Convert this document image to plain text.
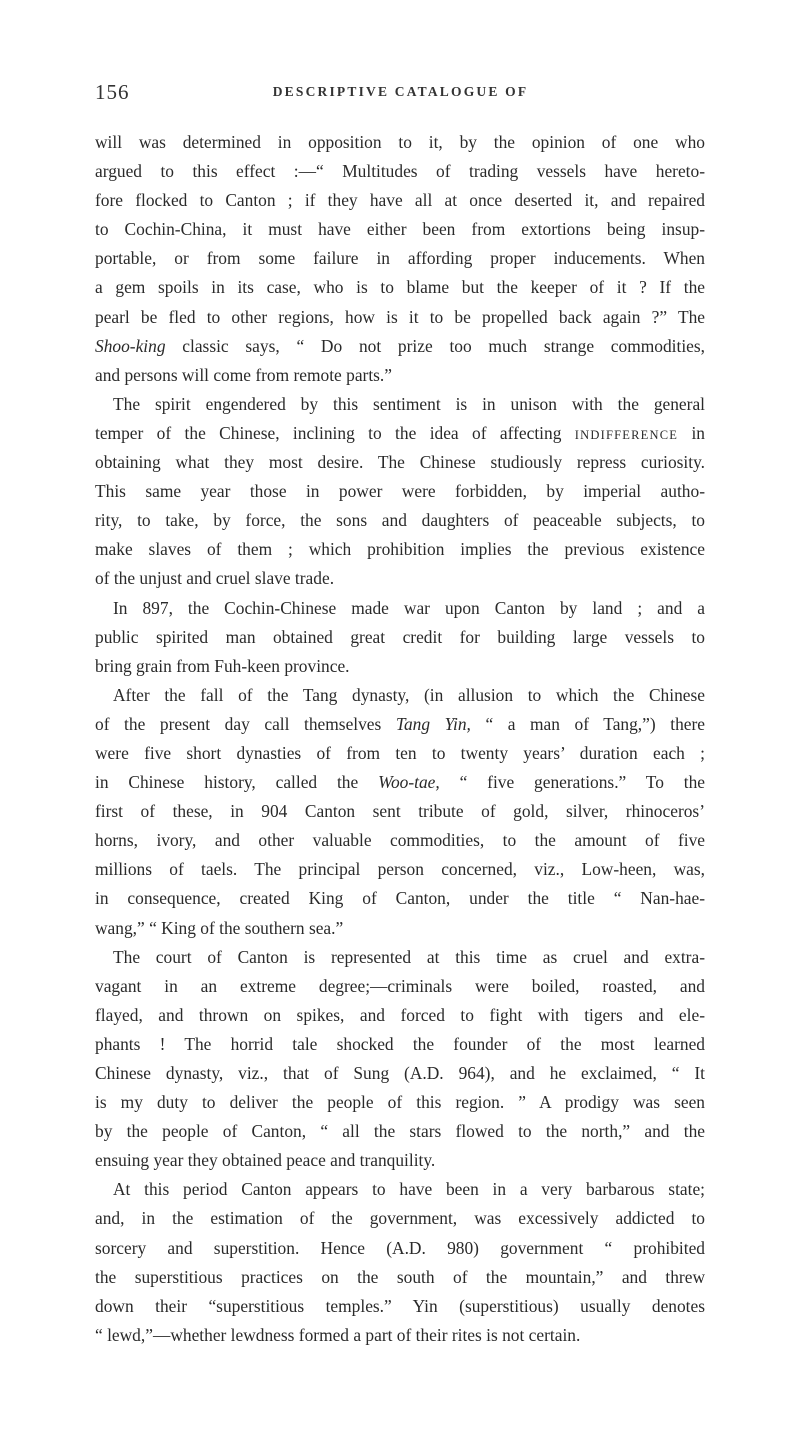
156	DESCRIPTIVE CATALOGUE OF
will was determined in opposition to it, by the opinion of one who
argued to this effect :—“ Multitudes of trading vessels have hereto-
fore flocked to Canton ; if they have all at once deserted it, and repaired
to Cochin-China, it must have either been from extortions being insup-
portable, or from some failure in affording proper inducements. When
a gem spoils in its case, who is to blame but the keeper of it ? If the
pearl be fled to other regions, how is it to be propelled back again ?” The
Shoo-king classic says, “ Do not prize too much strange commodities,
and persons will come from remote parts.”
The spirit engendered by this sentiment is in unison with the general
temper of the Chinese, inclining to the idea of affecting INDIFFERENCE in
obtaining what they most desire. The Chinese studiously repress curiosity.
This same year those in power were forbidden, by imperial autho-
rity, to take, by force, the sons and daughters of peaceable subjects, to
make slaves of them ; which prohibition implies the previous existence
of the unjust and cruel slave trade.
In 897, the Cochin-Chinese made war upon Canton by land ; and a
public spirited man obtained great credit for building large vessels to
bring grain from Fuh-keen province.
After the fall of the Tang dynasty, (in allusion to which the Chinese
of the present day call themselves Tang Yin, “ a man of Tang,”) there
were five short dynasties of from ten to twenty years’ duration each ;
in Chinese history, called the Woo-tae, “ five generations.” To the
first of these, in 904 Canton sent tribute of gold, silver, rhinoceros’
horns, ivory, and other valuable commodities, to the amount of five
millions of taels. The principal person concerned, viz., Low-heen, was,
in consequence, created King of Canton, under the title “ Nan-hae-
wang,” “ King of the southern sea.”
The court of Canton is represented at this time as cruel and extra-
vagant in an extreme degree;—criminals were boiled, roasted, and
flayed, and thrown on spikes, and forced to fight with tigers and ele-
phants ! The horrid tale shocked the founder of the most learned
Chinese dynasty, viz., that of Sung (A.D. 964), and he exclaimed, “ It
is my duty to deliver the people of this region. ” A prodigy was seen
by the people of Canton, “ all the stars flowed to the north,” and the
ensuing year they obtained peace and tranquility.
At this period Canton appears to have been in a very barbarous state;
and, in the estimation of the government, was excessively addicted to
sorcery and superstition. Hence (A.D. 980) government “ prohibited
the superstitious practices on the south of the mountain,” and threw
down their “superstitious temples.” Yin (superstitious) usually denotes
“ lewd,”—whether lewdness formed a part of their rites is not certain.
